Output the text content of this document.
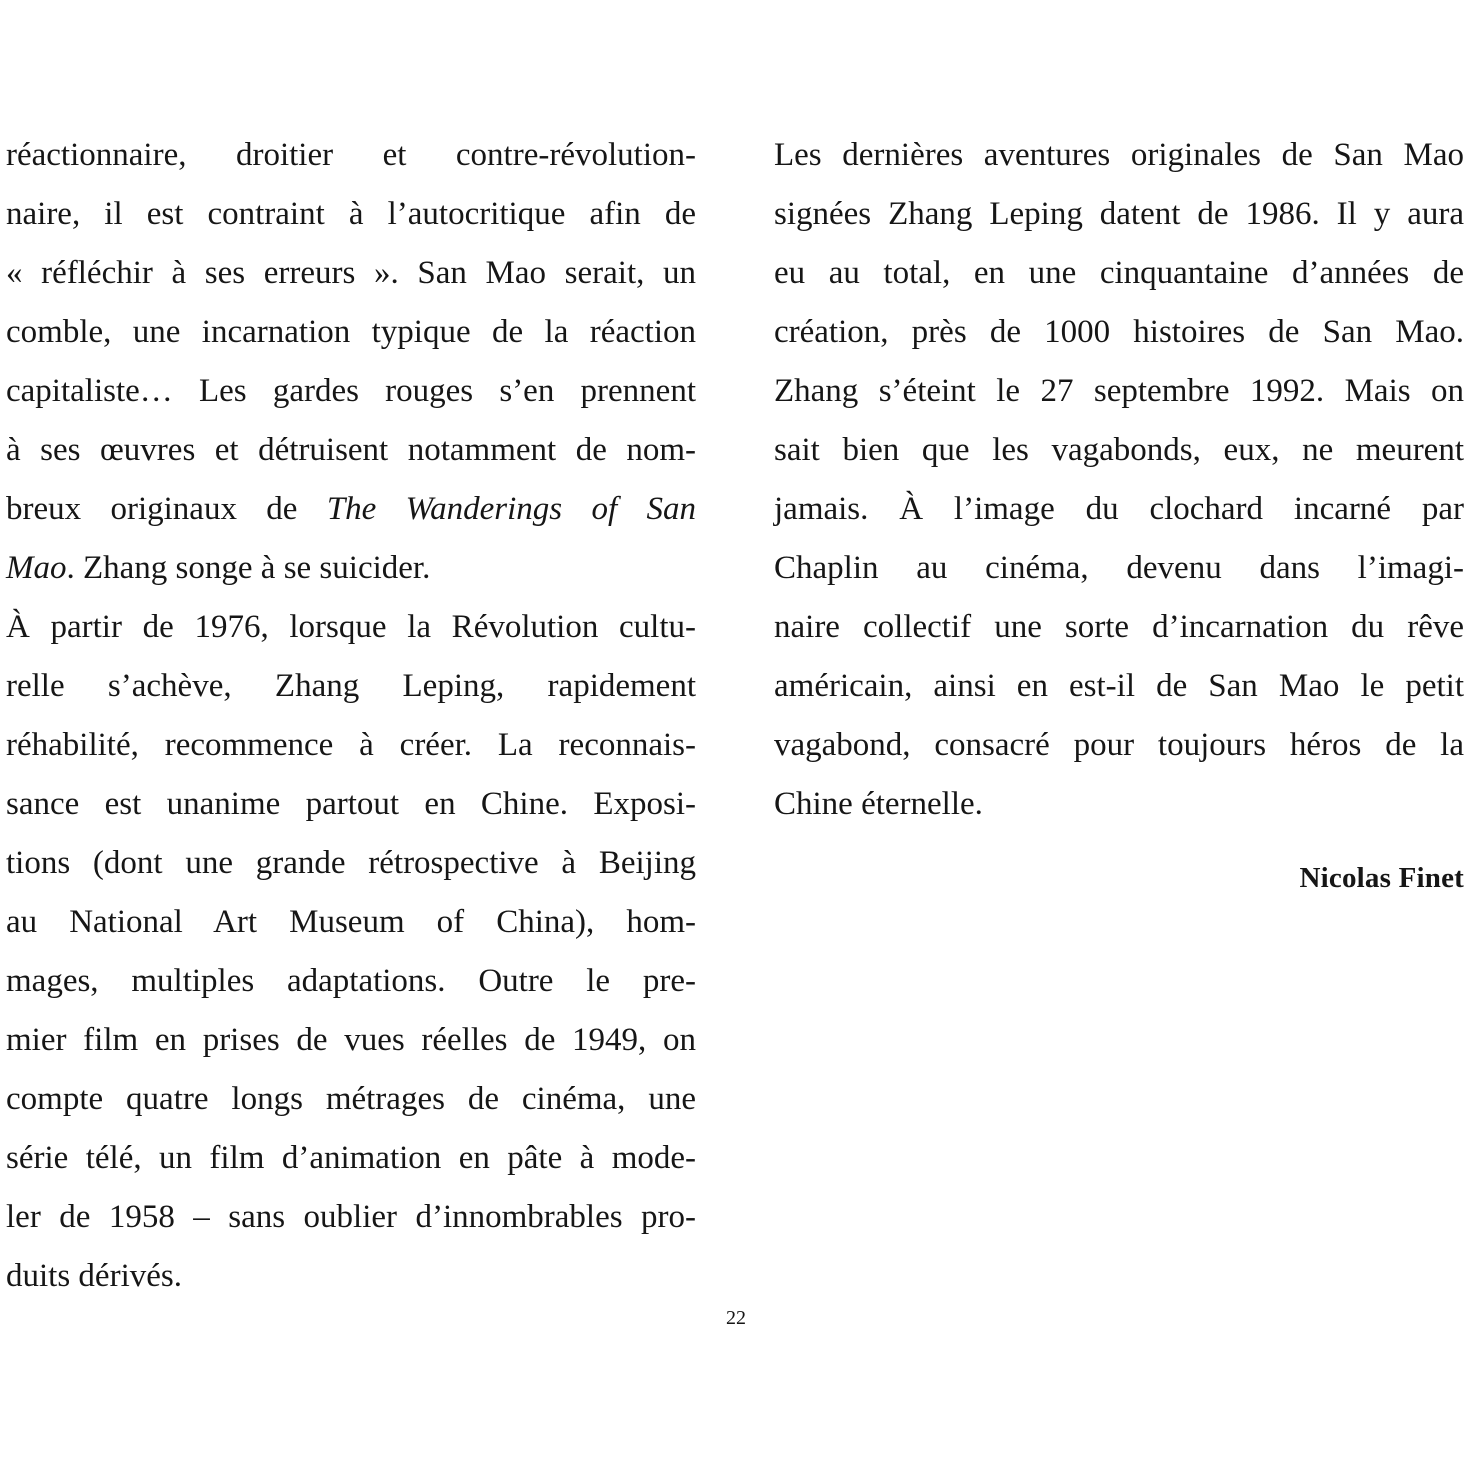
réactionnaire, droitier et contre-révolution-
naire, il est contraint à l’autocritique afin de
« réfléchir à ses erreurs ». San Mao serait, un
comble, une incarnation typique de la réaction
capitaliste… Les gardes rouges s’en prennent
à ses œuvres et détruisent notamment de nom-
breux originaux de The Wanderings of San
Mao. Zhang songe à se suicider.
À partir de 1976, lorsque la Révolution cultu-
relle s’achève, Zhang Leping, rapidement
réhabilité, recommence à créer. La reconnais-
sance est unanime partout en Chine. Exposi-
tions (dont une grande rétrospective à Beijing
au National Art Museum of China), hom-
mages, multiples adaptations. Outre le pre-
mier film en prises de vues réelles de 1949, on
compte quatre longs métrages de cinéma, une
série télé, un film d’animation en pâte à mode-
ler de 1958 – sans oublier d’innombrables pro-
duits dérivés.
Les dernières aventures originales de San Mao
signées Zhang Leping datent de 1986. Il y aura
eu au total, en une cinquantaine d’années de
création, près de 1000 histoires de San Mao.
Zhang s’éteint le 27 septembre 1992. Mais on
sait bien que les vagabonds, eux, ne meurent
jamais. À l’image du clochard incarné par
Chaplin au cinéma, devenu dans l’imagi-
naire collectif une sorte d’incarnation du rêve
américain, ainsi en est-il de San Mao le petit
vagabond, consacré pour toujours héros de la
Chine éternelle.
Nicolas Finet
22
